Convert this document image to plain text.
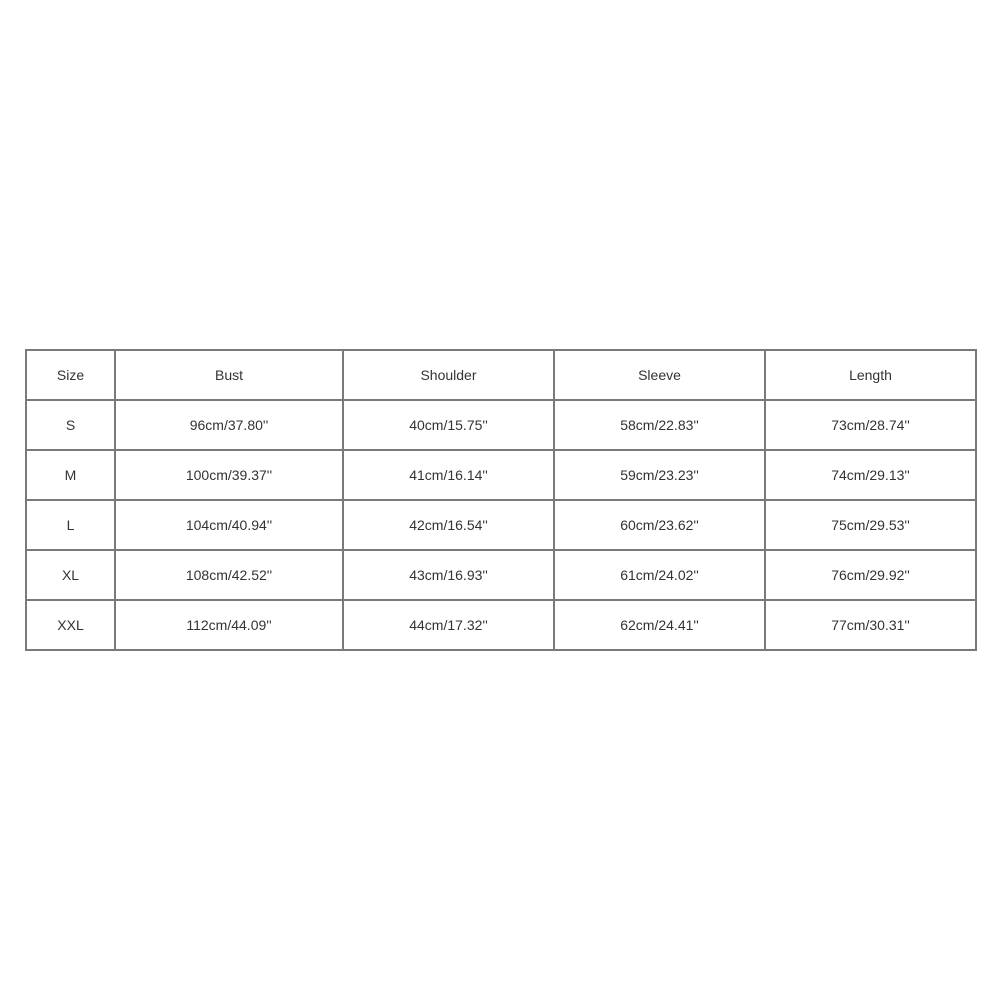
Size	Bust	Shoulder	Sleeve	Length
S	96cm/37.80''	40cm/15.75''	58cm/22.83''	73cm/28.74''
M	100cm/39.37''	41cm/16.14''	59cm/23.23''	74cm/29.13''
L	104cm/40.94''	42cm/16.54''	60cm/23.62''	75cm/29.53''
XL	108cm/42.52''	43cm/16.93''	61cm/24.02''	76cm/29.92''
XXL	112cm/44.09''	44cm/17.32''	62cm/24.41''	77cm/30.31''
